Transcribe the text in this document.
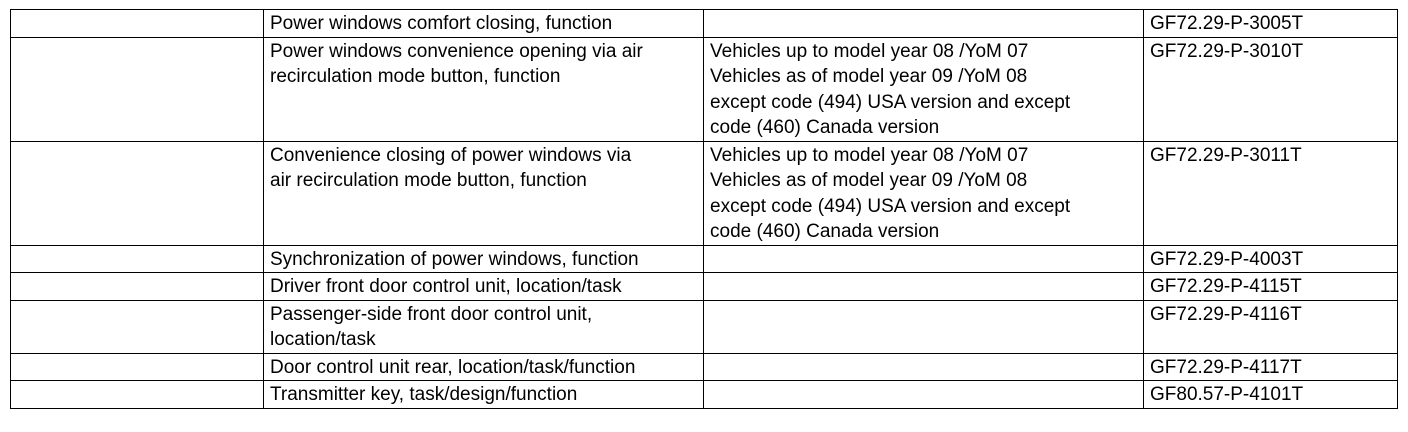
	Power windows comfort closing, function		GF72.29-P-3005T

	Power windows convenience opening via air
recirculation mode button, function	Vehicles up to model year 08 /YoM 07
Vehicles as of model year 09 /YoM 08
except code (494) USA version and except
code (460) Canada version	GF72.29-P-3010T

	Convenience closing of power windows via
air recirculation mode button, function	Vehicles up to model year 08 /YoM 07
Vehicles as of model year 09 /YoM 08
except code (494) USA version and except
code (460) Canada version	GF72.29-P-3011T

	Synchronization of power windows, function		GF72.29-P-4003T

	Driver front door control unit, location/task		GF72.29-P-4115T

	Passenger-side front door control unit,
location/task		GF72.29-P-4116T

	Door control unit rear, location/task/function		GF72.29-P-4117T

	Transmitter key, task/design/function		GF80.57-P-4101T
